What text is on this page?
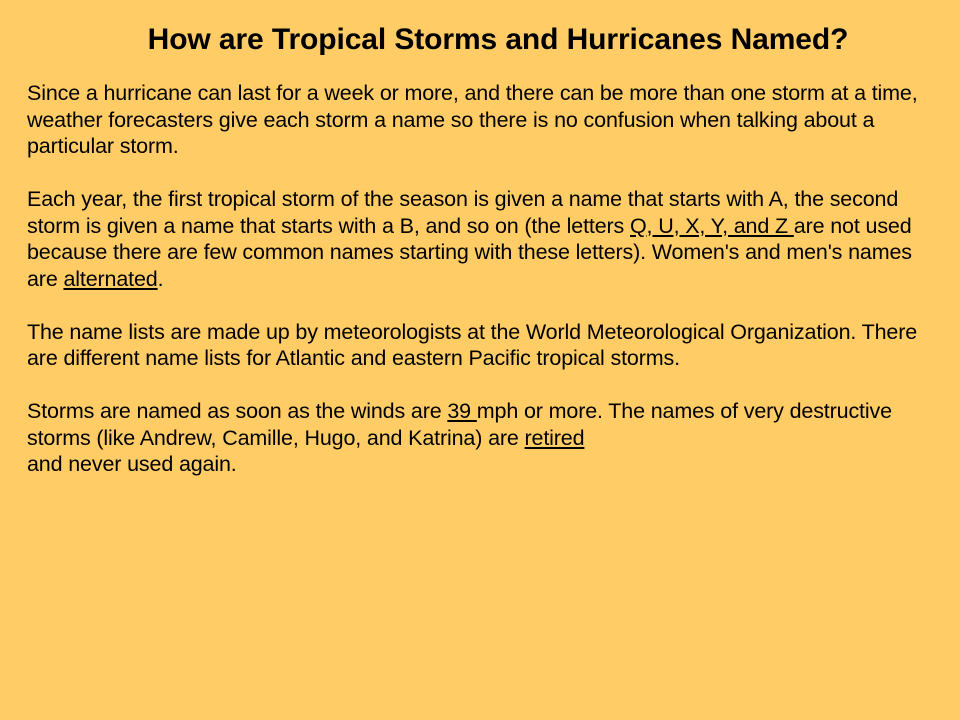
How are Tropical Storms and Hurricanes Named?

Since a hurricane can last for a week or more, and there can be more than one storm at a time, weather forecasters give each storm a name so there is no confusion when talking about a particular storm.

Each year, the first tropical storm of the season is given a name that starts with A, the second storm is given a name that starts with a B, and so on (the letters Q, U, X, Y, and Z are not used because there are few common names starting with these letters). Women's and men's names are alternated.

The name lists are made up by meteorologists at the World Meteorological Organization. There are different name lists for Atlantic and eastern Pacific tropical storms.

Storms are named as soon as the winds are 39 mph or more. The names of very destructive storms (like Andrew, Camille, Hugo, and Katrina) are retired
and never used again.
